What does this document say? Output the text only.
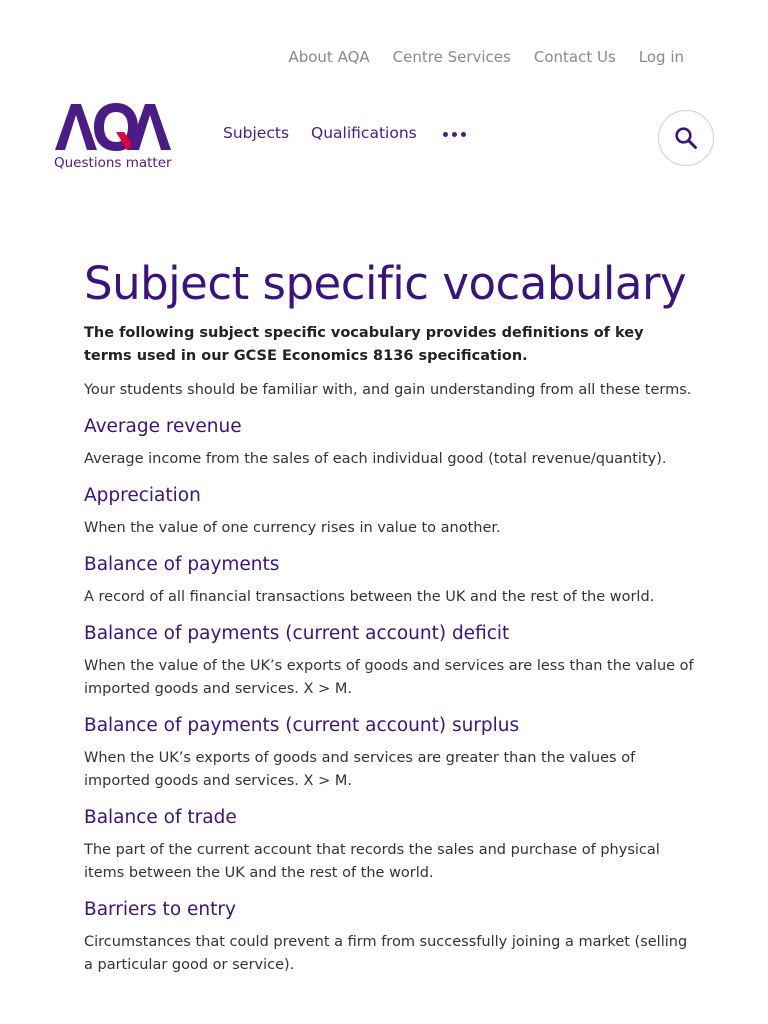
About AQA Centre Services Contact Us Log in
Questions matter
Subjects Qualifications
Subject specific vocabulary

The following subject specific vocabulary provides definitions of key terms used in our GCSE Economics 8136 specification.

Your students should be familiar with, and gain understanding from all these terms.

Average revenue

Average income from the sales of each individual good (total revenue/quantity).

Appreciation

When the value of one currency rises in value to another.

Balance of payments

A record of all financial transactions between the UK and the rest of the world.

Balance of payments (current account) deficit

When the value of the UK’s exports of goods and services are less than the value of imported goods and services. X > M.

Balance of payments (current account) surplus

When the UK’s exports of goods and services are greater than the values of imported goods and services. X > M.

Balance of trade

The part of the current account that records the sales and purchase of physical items between the UK and the rest of the world.

Barriers to entry

Circumstances that could prevent a firm from successfully joining a market (selling a particular good or service).
